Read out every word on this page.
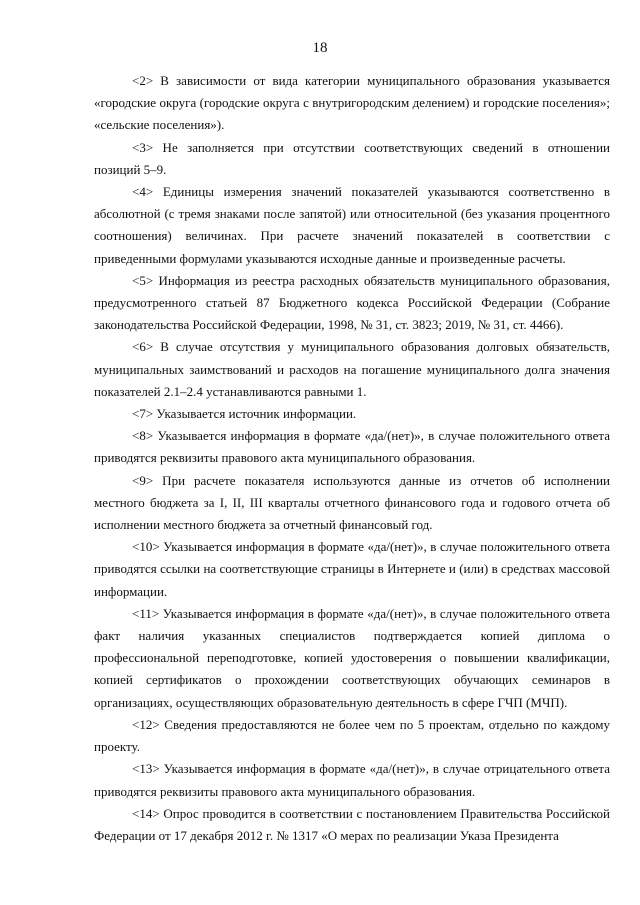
18

<2> В зависимости от вида категории муниципального образования указывается «городские округа (городские округа с внутригородским делением) и городские поселения»; «сельские поселения»).

<3> Не заполняется при отсутствии соответствующих сведений в отношении позиций 5–9.

<4> Единицы измерения значений показателей указываются соответственно в абсолютной (с тремя знаками после запятой) или относительной (без указания процентного соотношения) величинах. При расчете значений показателей в соответствии с приведенными формулами указываются исходные данные и произведенные расчеты.

<5> Информация из реестра расходных обязательств муниципального образования, предусмотренного статьей 87 Бюджетного кодекса Российской Федерации (Собрание законодательства Российской Федерации, 1998, № 31, ст. 3823; 2019, № 31, ст. 4466).

<6> В случае отсутствия у муниципального образования долговых обязательств, муниципальных заимствований и расходов на погашение муниципального долга значения показателей 2.1–2.4 устанавливаются равными 1.

<7> Указывается источник информации.

<8> Указывается информация в формате «да/(нет)», в случае положительного ответа приводятся реквизиты правового акта муниципального образования.

<9> При расчете показателя используются данные из отчетов об исполнении местного бюджета за I, II, III кварталы отчетного финансового года и годового отчета об исполнении местного бюджета за отчетный финансовый год.

<10> Указывается информация в формате «да/(нет)», в случае положительного ответа приводятся ссылки на соответствующие страницы в Интернете и (или) в средствах массовой информации.

<11> Указывается информация в формате «да/(нет)», в случае положительного ответа факт наличия указанных специалистов подтверждается копией диплома о профессиональной переподготовке, копией удостоверения о повышении квалификации, копией сертификатов о прохождении соответствующих обучающих семинаров в организациях, осуществляющих образовательную деятельность в сфере ГЧП (МЧП).

<12> Сведения предоставляются не более чем по 5 проектам, отдельно по каждому проекту.

<13> Указывается информация в формате «да/(нет)», в случае отрицательного ответа приводятся реквизиты правового акта муниципального образования.

<14> Опрос проводится в соответствии с постановлением Правительства Российской Федерации от 17 декабря 2012 г. № 1317 «О мерах по реализации Указа Президента
